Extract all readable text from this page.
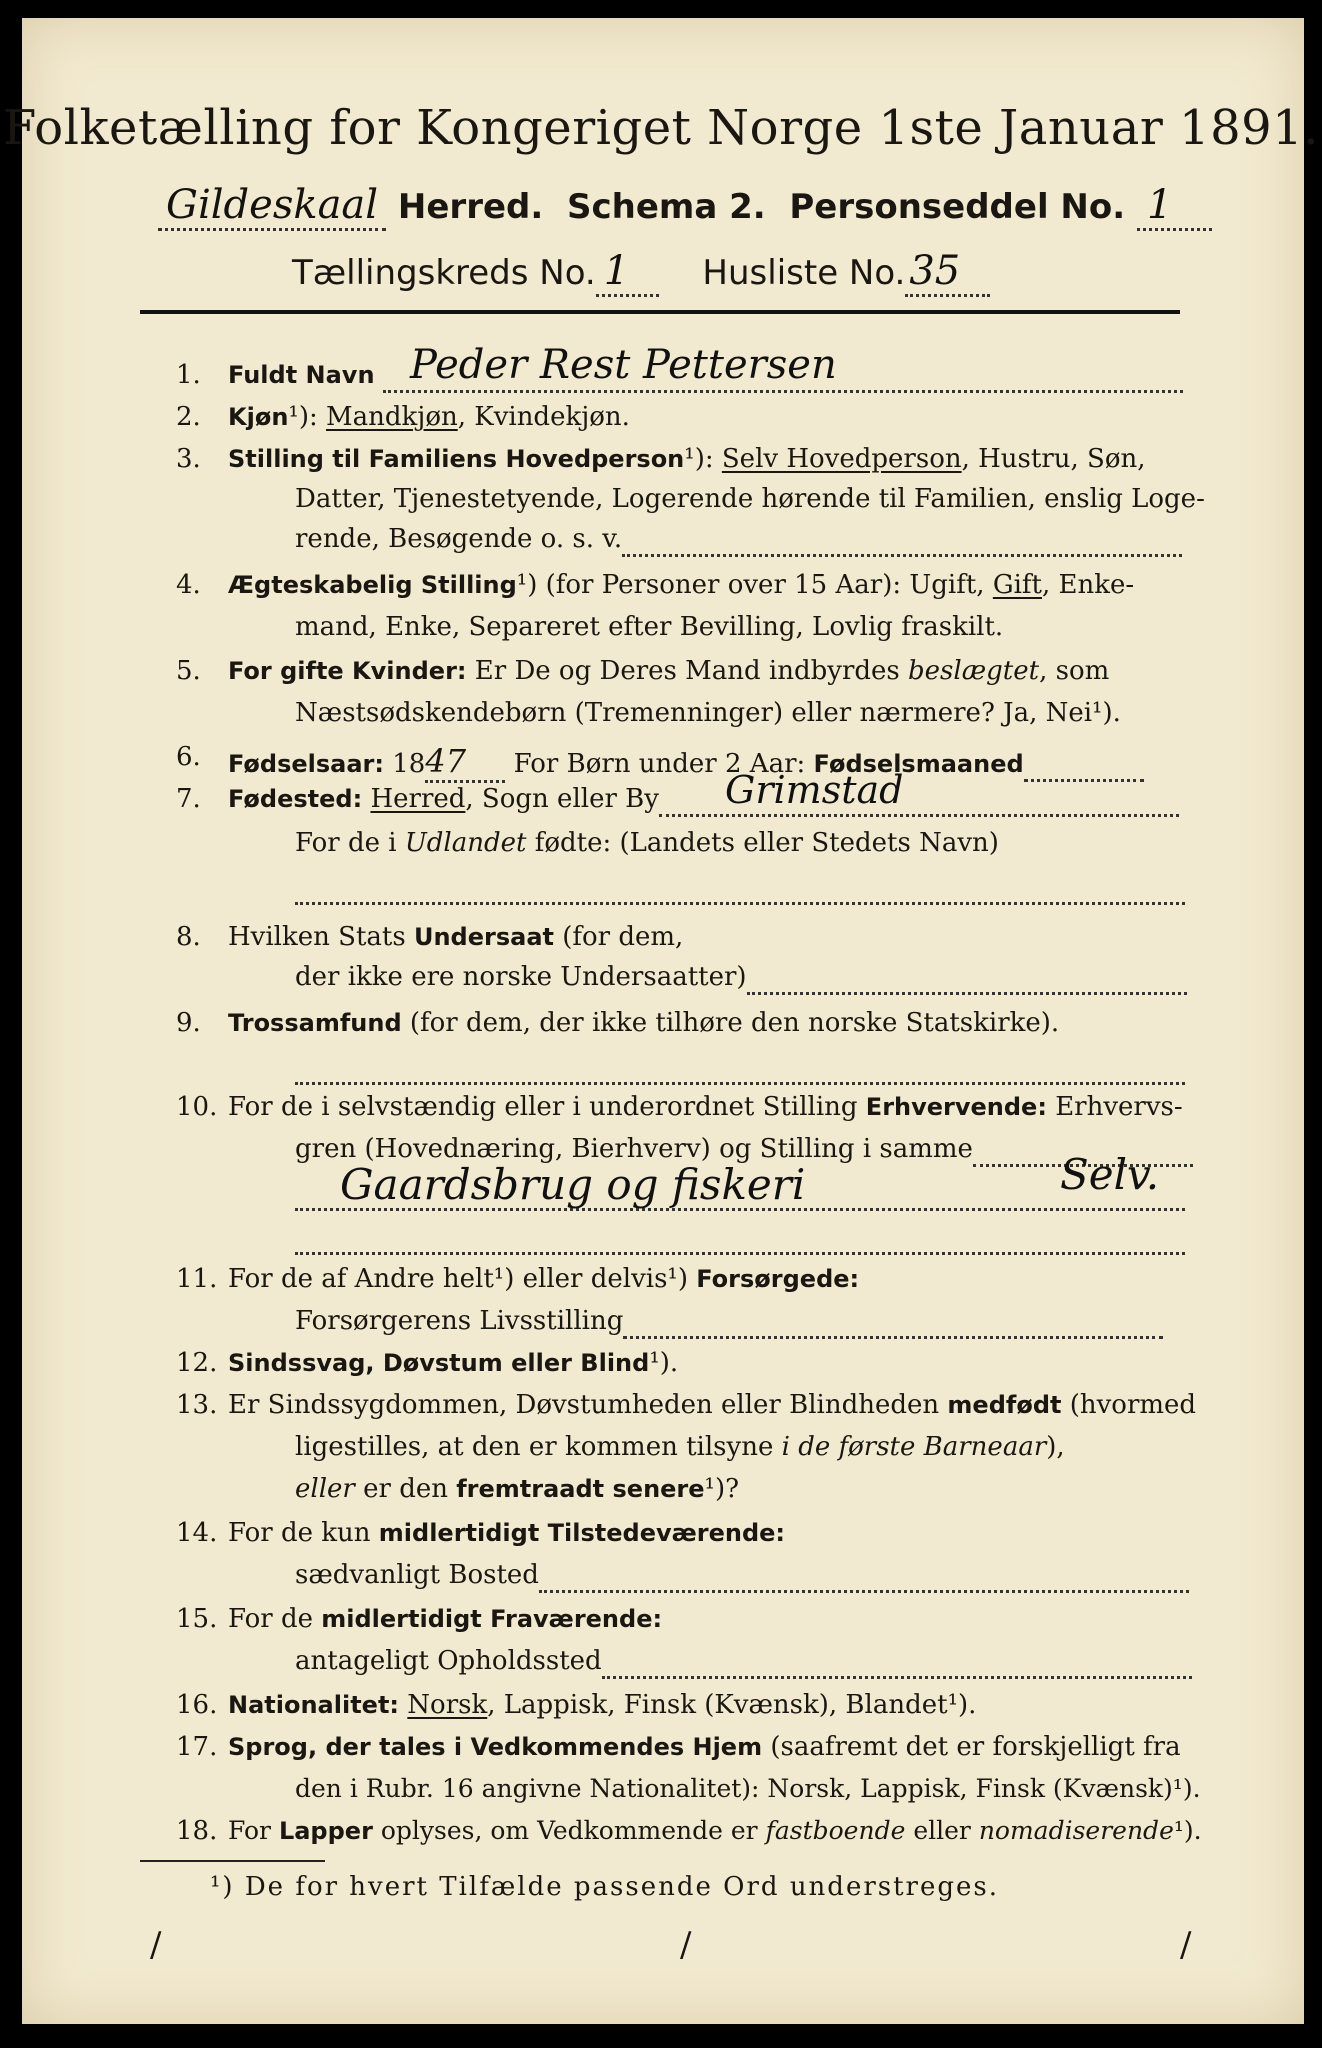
Folketælling for Kongeriget Norge 1ste Januar 1891.
Gildeskaal Herred. Schema 2. Personseddel No. 1
Tællingskreds No. 1 Husliste No. 35
1. Fuldt Navn Peder Rest Pettersen
2. Kjøn¹): Mandkjøn, Kvindekjøn.
3. Stilling til Familiens Hovedperson¹): Selv Hovedperson, Hustru, Søn,
Datter, Tjenestetyende, Logerende hørende til Familien, enslig Loge-
rende, Besøgende o. s. v.
4. Ægteskabelig Stilling¹) (for Personer over 15 Aar): Ugift, Gift, Enke-
mand, Enke, Separeret efter Bevilling, Lovlig fraskilt.
5. For gifte Kvinder: Er De og Deres Mand indbyrdes beslægtet, som
Næstsødskendebørn (Tremenninger) eller nærmere? Ja, Nei¹).
6. Fødselsaar: 1847 For Børn under 2 Aar: Fødselsmaaned
7. Fødested: Herred, Sogn eller By	Grimstad
For de i Udlandet fødte: (Landets eller Stedets Navn)

8. Hvilken Stats Undersaat (for dem,
der ikke ere norske Undersaatter)
9. Trossamfund (for dem, der ikke tilhøre den norske Statskirke).

10. For de i selvstændig eller i underordnet Stilling Erhvervende: Erhvervs-
gren (Hovednæring, Bierhverv) og Stilling i samme

Gaardsbrug og fiskeri	Selv.

11. For de af Andre helt¹) eller delvis¹) Forsørgede:
Forsørgerens Livsstilling
12. Sindssvag, Døvstum eller Blind¹).
13. Er Sindssygdommen, Døvstumheden eller Blindheden medfødt (hvormed
ligestilles, at den er kommen tilsyne i de første Barneaar),
eller er den fremtraadt senere¹)?
14. For de kun midlertidigt Tilstedeværende:
sædvanligt Bosted
15. For de midlertidigt Fraværende:
antageligt Opholdssted
16. Nationalitet: Norsk, Lappisk, Finsk (Kvænsk), Blandet¹).
17. Sprog, der tales i Vedkommendes Hjem (saafremt det er forskjelligt fra
den i Rubr. 16 angivne Nationalitet): Norsk, Lappisk, Finsk (Kvænsk)¹).
18. For Lapper oplyses, om Vedkommende er fastboende eller nomadiserende¹).
¹) De for hvert Tilfælde passende Ord understreges.
/	/	/
